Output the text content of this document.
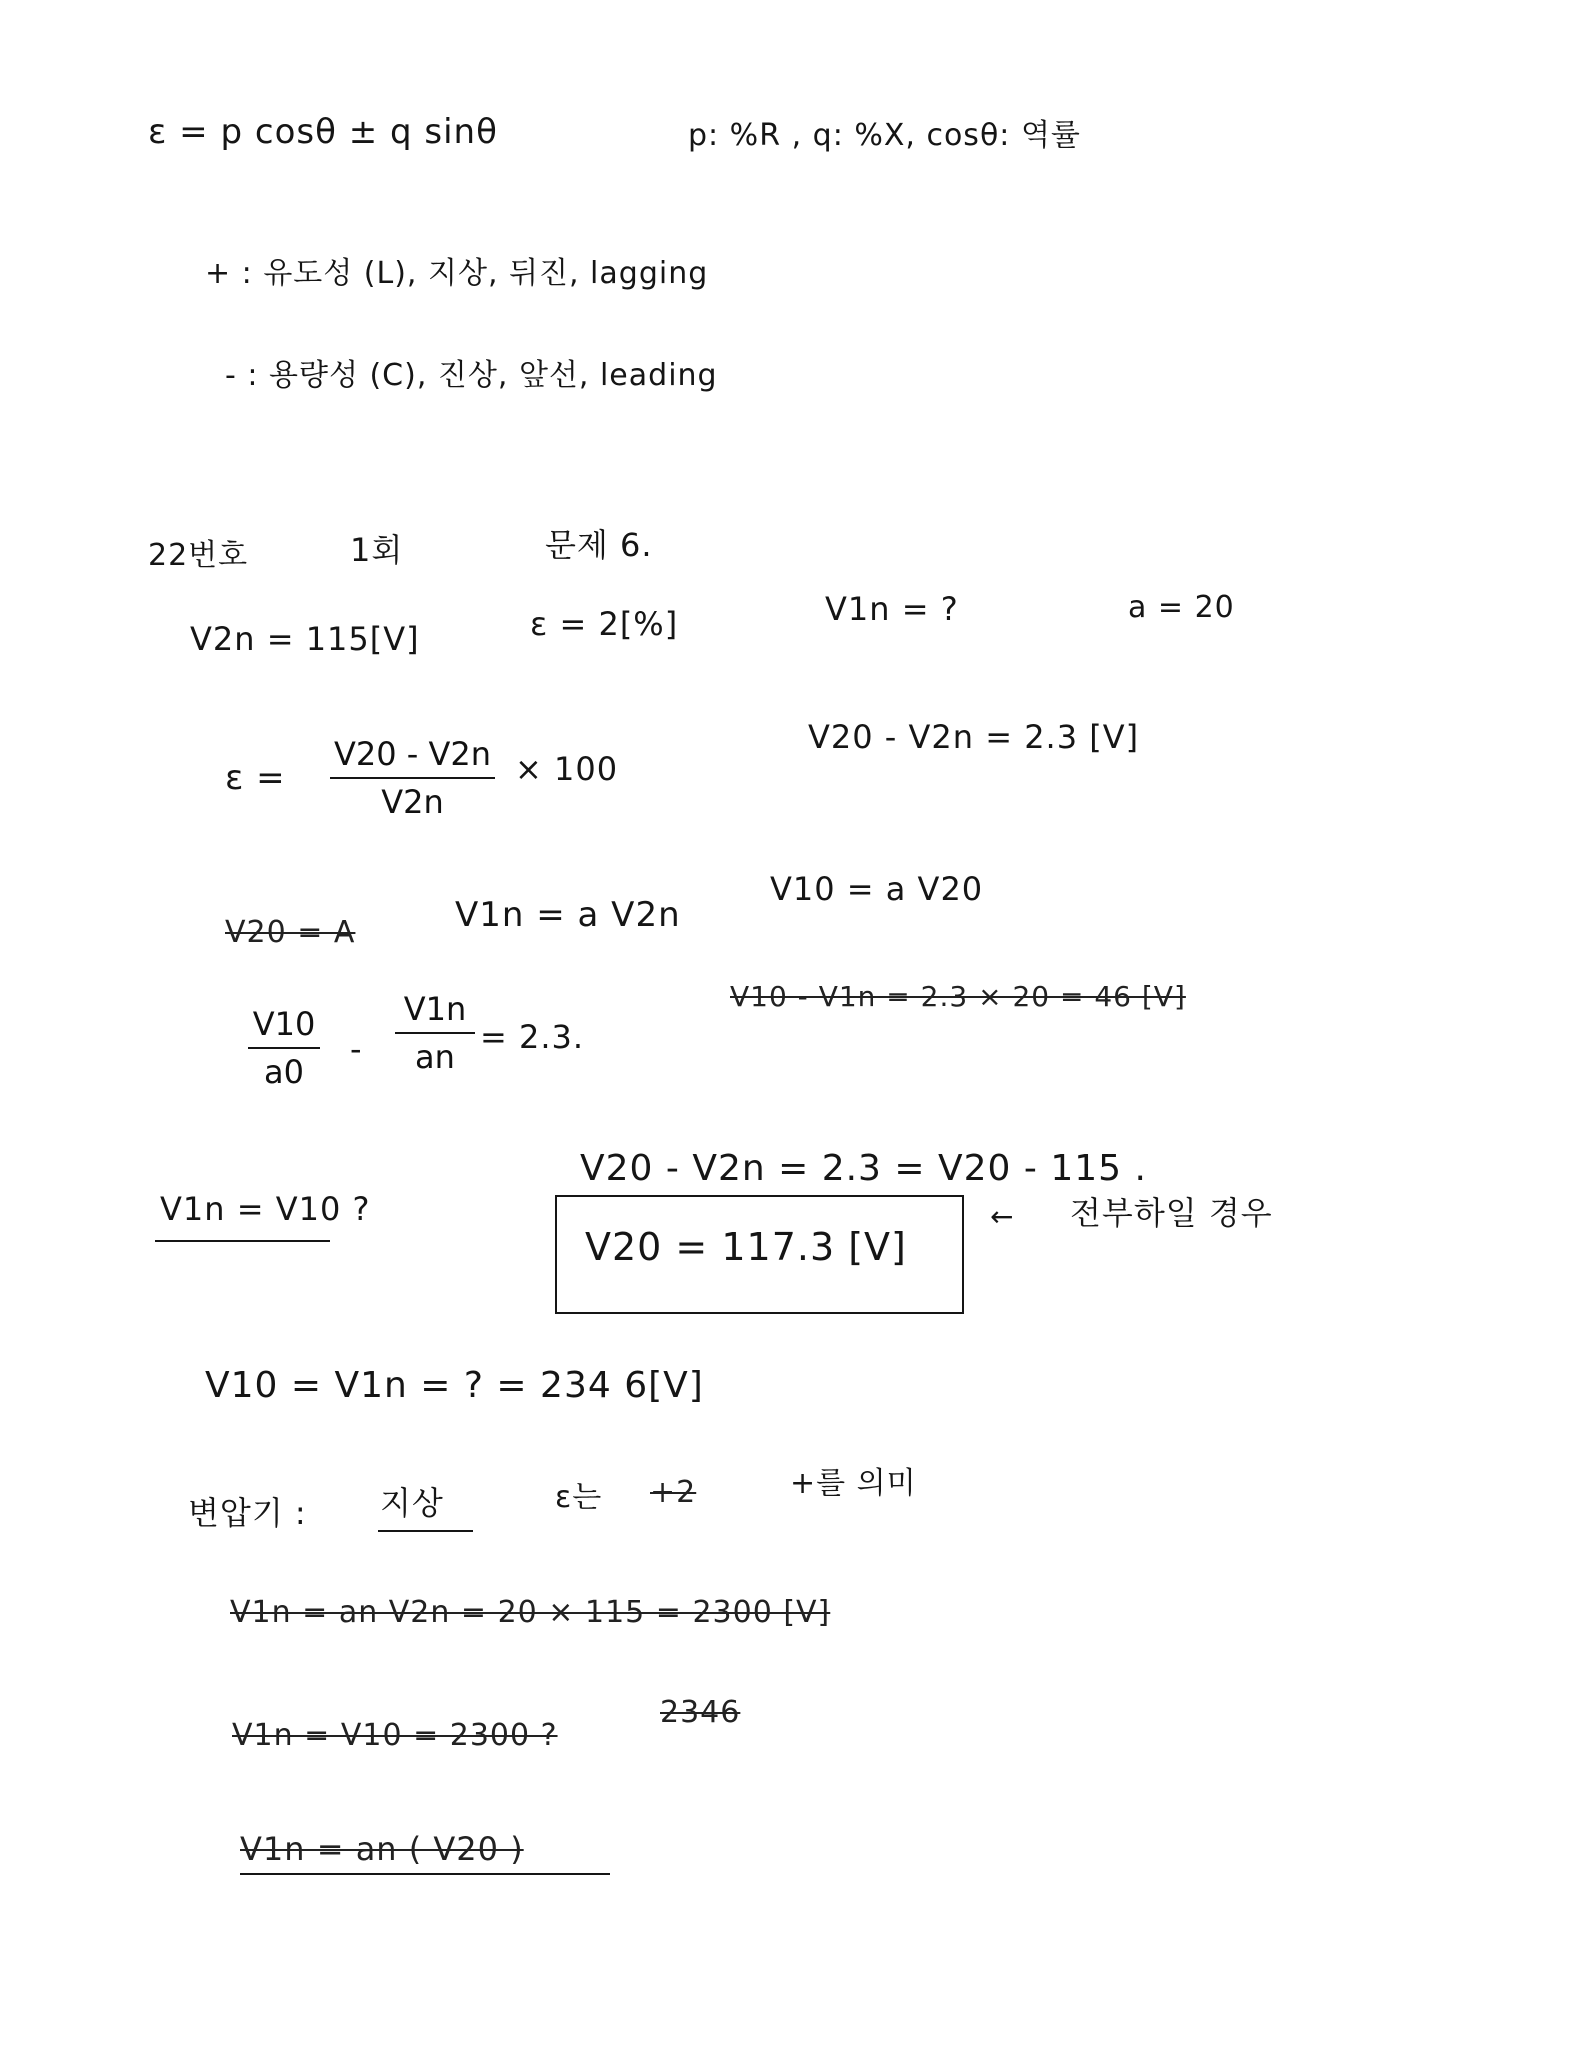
ε = p cosθ ± q sinθ	p: %R , q: %X, cosθ: 역률
+ : 유도성 (L), 지상, 뒤진, lagging
- : 용량성 (C), 진상, 앞선, leading
22번호	1회	문제 6.
V2n = 115[V]	ε = 2[%]	V1n = ?	a = 20
ε =
V20 - V2n
V2n
× 100
V20 - V2n = 2.3 [V]
V20 = A	V1n = a V2n
V10 = a V20
V10
a0
-
V1n
an
= 2.3.
V10 - V1n = 2.3 × 20 = 46 [V]
V1n = V10 ?
V20 - V2n = 2.3 = V20 - 115 .
V20 = 117.3 [V]
← 전부하일 경우
V10 = V1n = ? = 234 6[V]
변압기 : 지상	ε는 +2	+를 의미
V1n = an V2n = 20 × 115 = 2300 [V]
V1n = V10 = 2300 ?
2346
V1n = an ( V20 )
